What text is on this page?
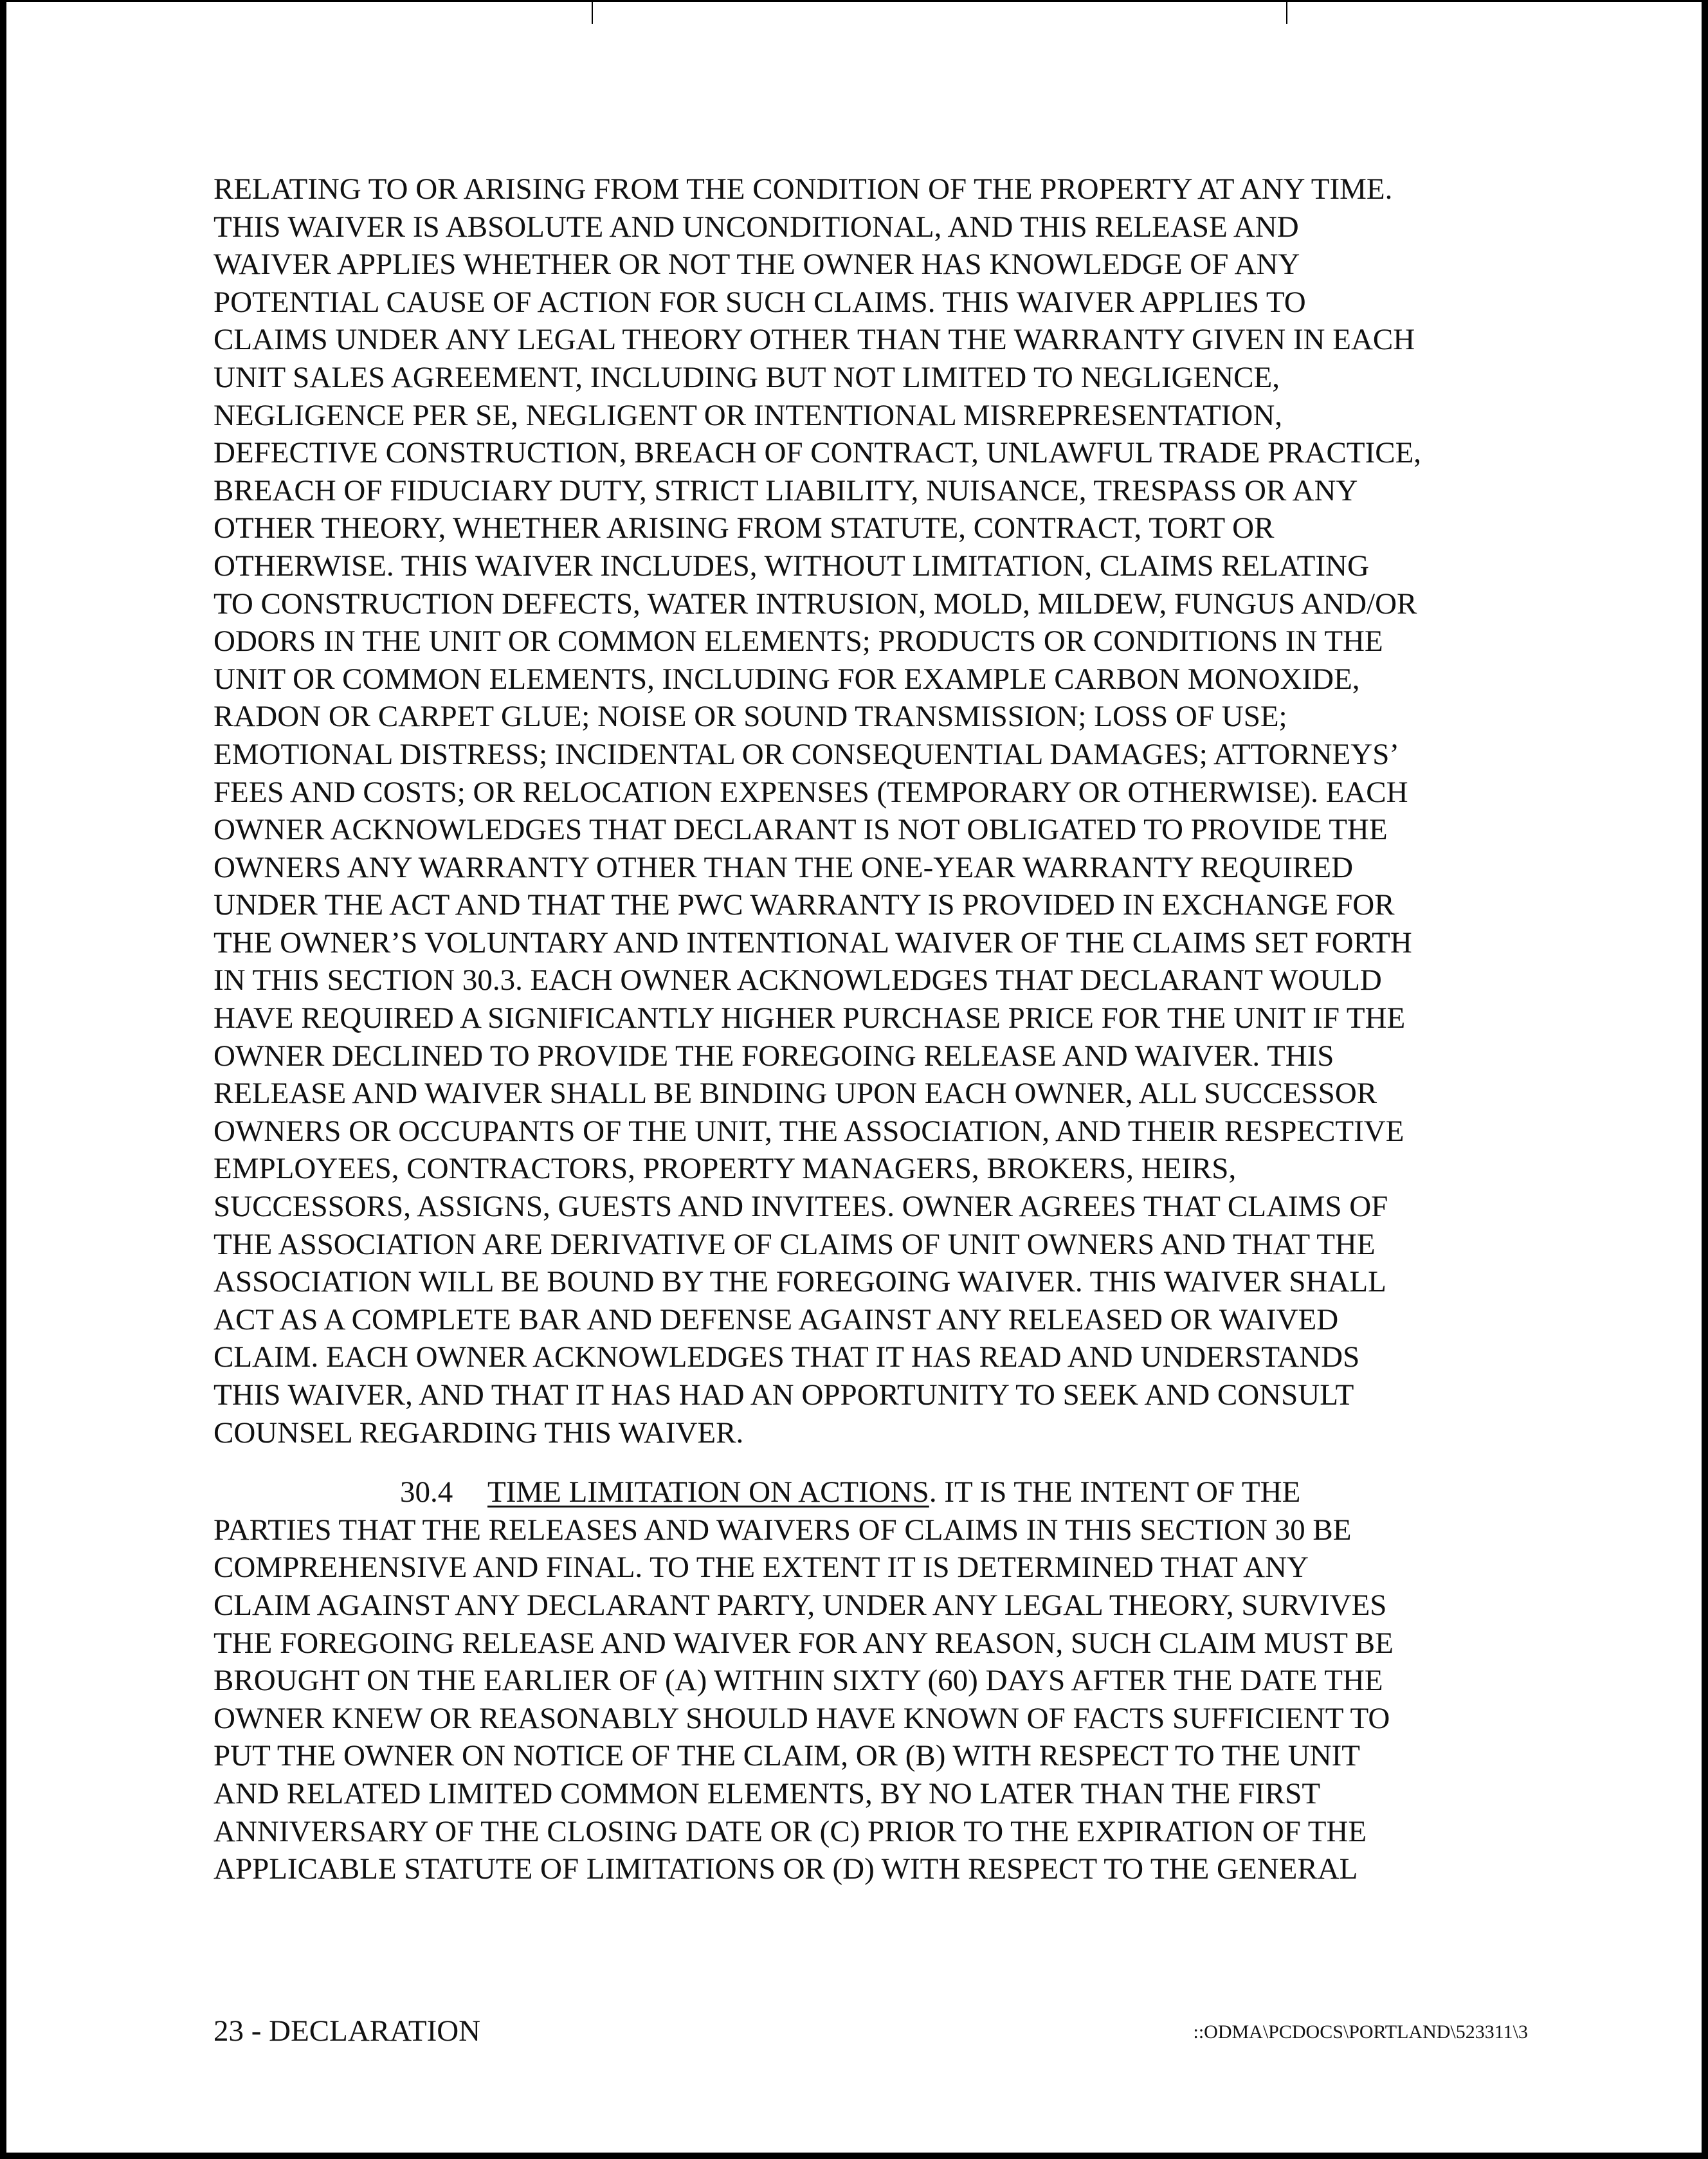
RELATING TO OR ARISING FROM THE CONDITION OF THE PROPERTY AT ANY TIME.
THIS WAIVER IS ABSOLUTE AND UNCONDITIONAL, AND THIS RELEASE AND
WAIVER APPLIES WHETHER OR NOT THE OWNER HAS KNOWLEDGE OF ANY
POTENTIAL CAUSE OF ACTION FOR SUCH CLAIMS. THIS WAIVER APPLIES TO
CLAIMS UNDER ANY LEGAL THEORY OTHER THAN THE WARRANTY GIVEN IN EACH
UNIT SALES AGREEMENT, INCLUDING BUT NOT LIMITED TO NEGLIGENCE,
NEGLIGENCE PER SE, NEGLIGENT OR INTENTIONAL MISREPRESENTATION,
DEFECTIVE CONSTRUCTION, BREACH OF CONTRACT, UNLAWFUL TRADE PRACTICE,
BREACH OF FIDUCIARY DUTY, STRICT LIABILITY, NUISANCE, TRESPASS OR ANY
OTHER THEORY, WHETHER ARISING FROM STATUTE, CONTRACT, TORT OR
OTHERWISE. THIS WAIVER INCLUDES, WITHOUT LIMITATION, CLAIMS RELATING
TO CONSTRUCTION DEFECTS, WATER INTRUSION, MOLD, MILDEW, FUNGUS AND/OR
ODORS IN THE UNIT OR COMMON ELEMENTS; PRODUCTS OR CONDITIONS IN THE
UNIT OR COMMON ELEMENTS, INCLUDING FOR EXAMPLE CARBON MONOXIDE,
RADON OR CARPET GLUE; NOISE OR SOUND TRANSMISSION; LOSS OF USE;
EMOTIONAL DISTRESS; INCIDENTAL OR CONSEQUENTIAL DAMAGES; ATTORNEYS’
FEES AND COSTS; OR RELOCATION EXPENSES (TEMPORARY OR OTHERWISE). EACH
OWNER ACKNOWLEDGES THAT DECLARANT IS NOT OBLIGATED TO PROVIDE THE
OWNERS ANY WARRANTY OTHER THAN THE ONE-YEAR WARRANTY REQUIRED
UNDER THE ACT AND THAT THE PWC WARRANTY IS PROVIDED IN EXCHANGE FOR
THE OWNER’S VOLUNTARY AND INTENTIONAL WAIVER OF THE CLAIMS SET FORTH
IN THIS SECTION 30.3. EACH OWNER ACKNOWLEDGES THAT DECLARANT WOULD
HAVE REQUIRED A SIGNIFICANTLY HIGHER PURCHASE PRICE FOR THE UNIT IF THE
OWNER DECLINED TO PROVIDE THE FOREGOING RELEASE AND WAIVER. THIS
RELEASE AND WAIVER SHALL BE BINDING UPON EACH OWNER, ALL SUCCESSOR
OWNERS OR OCCUPANTS OF THE UNIT, THE ASSOCIATION, AND THEIR RESPECTIVE
EMPLOYEES, CONTRACTORS, PROPERTY MANAGERS, BROKERS, HEIRS,
SUCCESSORS, ASSIGNS, GUESTS AND INVITEES. OWNER AGREES THAT CLAIMS OF
THE ASSOCIATION ARE DERIVATIVE OF CLAIMS OF UNIT OWNERS AND THAT THE
ASSOCIATION WILL BE BOUND BY THE FOREGOING WAIVER. THIS WAIVER SHALL
ACT AS A COMPLETE BAR AND DEFENSE AGAINST ANY RELEASED OR WAIVED
CLAIM. EACH OWNER ACKNOWLEDGES THAT IT HAS READ AND UNDERSTANDS
THIS WAIVER, AND THAT IT HAS HAD AN OPPORTUNITY TO SEEK AND CONSULT
COUNSEL REGARDING THIS WAIVER.
30.4 TIME LIMITATION ON ACTIONS. IT IS THE INTENT OF THE
PARTIES THAT THE RELEASES AND WAIVERS OF CLAIMS IN THIS SECTION 30 BE
COMPREHENSIVE AND FINAL. TO THE EXTENT IT IS DETERMINED THAT ANY
CLAIM AGAINST ANY DECLARANT PARTY, UNDER ANY LEGAL THEORY, SURVIVES
THE FOREGOING RELEASE AND WAIVER FOR ANY REASON, SUCH CLAIM MUST BE
BROUGHT ON THE EARLIER OF (A) WITHIN SIXTY (60) DAYS AFTER THE DATE THE
OWNER KNEW OR REASONABLY SHOULD HAVE KNOWN OF FACTS SUFFICIENT TO
PUT THE OWNER ON NOTICE OF THE CLAIM, OR (B) WITH RESPECT TO THE UNIT
AND RELATED LIMITED COMMON ELEMENTS, BY NO LATER THAN THE FIRST
ANNIVERSARY OF THE CLOSING DATE OR (C) PRIOR TO THE EXPIRATION OF THE
APPLICABLE STATUTE OF LIMITATIONS OR (D) WITH RESPECT TO THE GENERAL
23 - DECLARATION	::ODMA\PCDOCS\PORTLAND\523311\3
